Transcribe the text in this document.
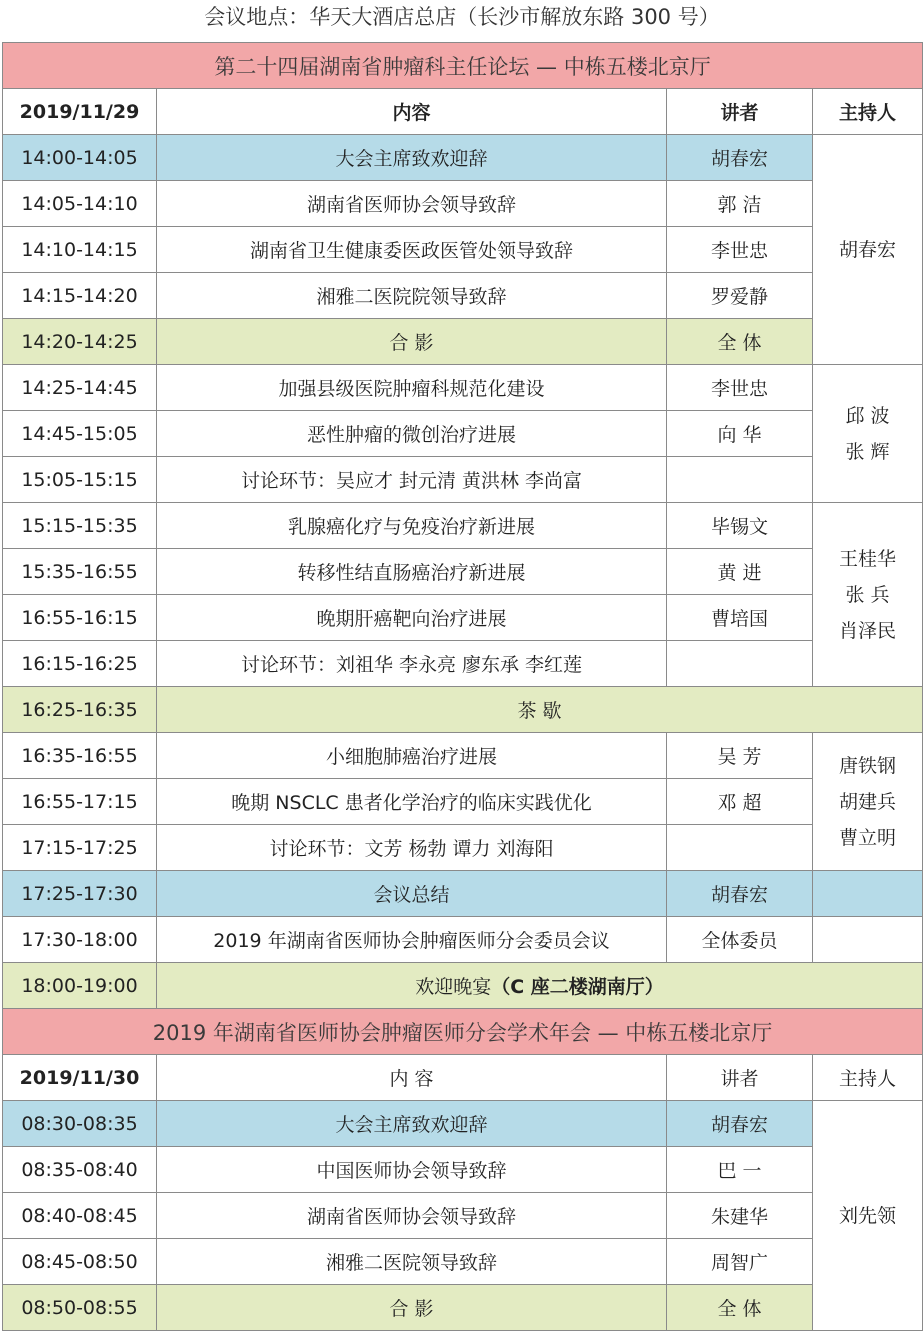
会议地点：华天大酒店总店（长沙市解放东路 300 号）
第二十四届湖南省肿瘤科主任论坛 — 中栋五楼北京厅			
2019/11/29	内容	讲者	主持人
14:00-14:05	大会主席致欢迎辞	胡春宏	胡春宏

14:05-14:10	湖南省医师协会领导致辞	郭 洁	
14:10-14:15	湖南省卫生健康委医政医管处领导致辞	李世忠	
14:15-14:20	湘雅二医院院领导致辞	罗爱静	
14:20-14:25	合 影	全 体	
14:25-14:45	加强县级医院肿瘤科规范化建设	李世忠	邱 波
张 辉

14:45-15:05	恶性肿瘤的微创治疗进展	向 华	
15:05-15:15	讨论环节：吴应才 封元清 黄洪林 李尚富		
15:15-15:35	乳腺癌化疗与免疫治疗新进展	毕锡文	王桂华
张 兵
肖泽民

15:35-16:55	转移性结直肠癌治疗新进展	黄 进	
16:55-16:15	晚期肝癌靶向治疗进展	曹培国	
16:15-16:25	讨论环节：刘祖华 李永亮 廖东承 李红莲		
16:25-16:35	茶 歇		
16:35-16:55	小细胞肺癌治疗进展	吴 芳	唐铁钢
胡建兵
曹立明

16:55-17:15	晚期 NSCLC 患者化学治疗的临床实践优化	邓 超	
17:15-17:25	讨论环节：文芳 杨勃 谭力 刘海阳		
17:25-17:30	会议总结	胡春宏	
17:30-18:00	2019 年湖南省医师协会肿瘤医师分会委员会议	全体委员	
18:00-19:00	欢迎晚宴（C 座二楼湖南厅）		
2019 年湖南省医师协会肿瘤医师分会学术年会 — 中栋五楼北京厅			
2019/11/30	内 容	讲者	主持人
08:30-08:35	大会主席致欢迎辞	胡春宏	刘先领

08:35-08:40	中国医师协会领导致辞	巴 一	
08:40-08:45	湖南省医师协会领导致辞	朱建华	
08:45-08:50	湘雅二医院领导致辞	周智广	
08:50-08:55	合 影	全 体	
